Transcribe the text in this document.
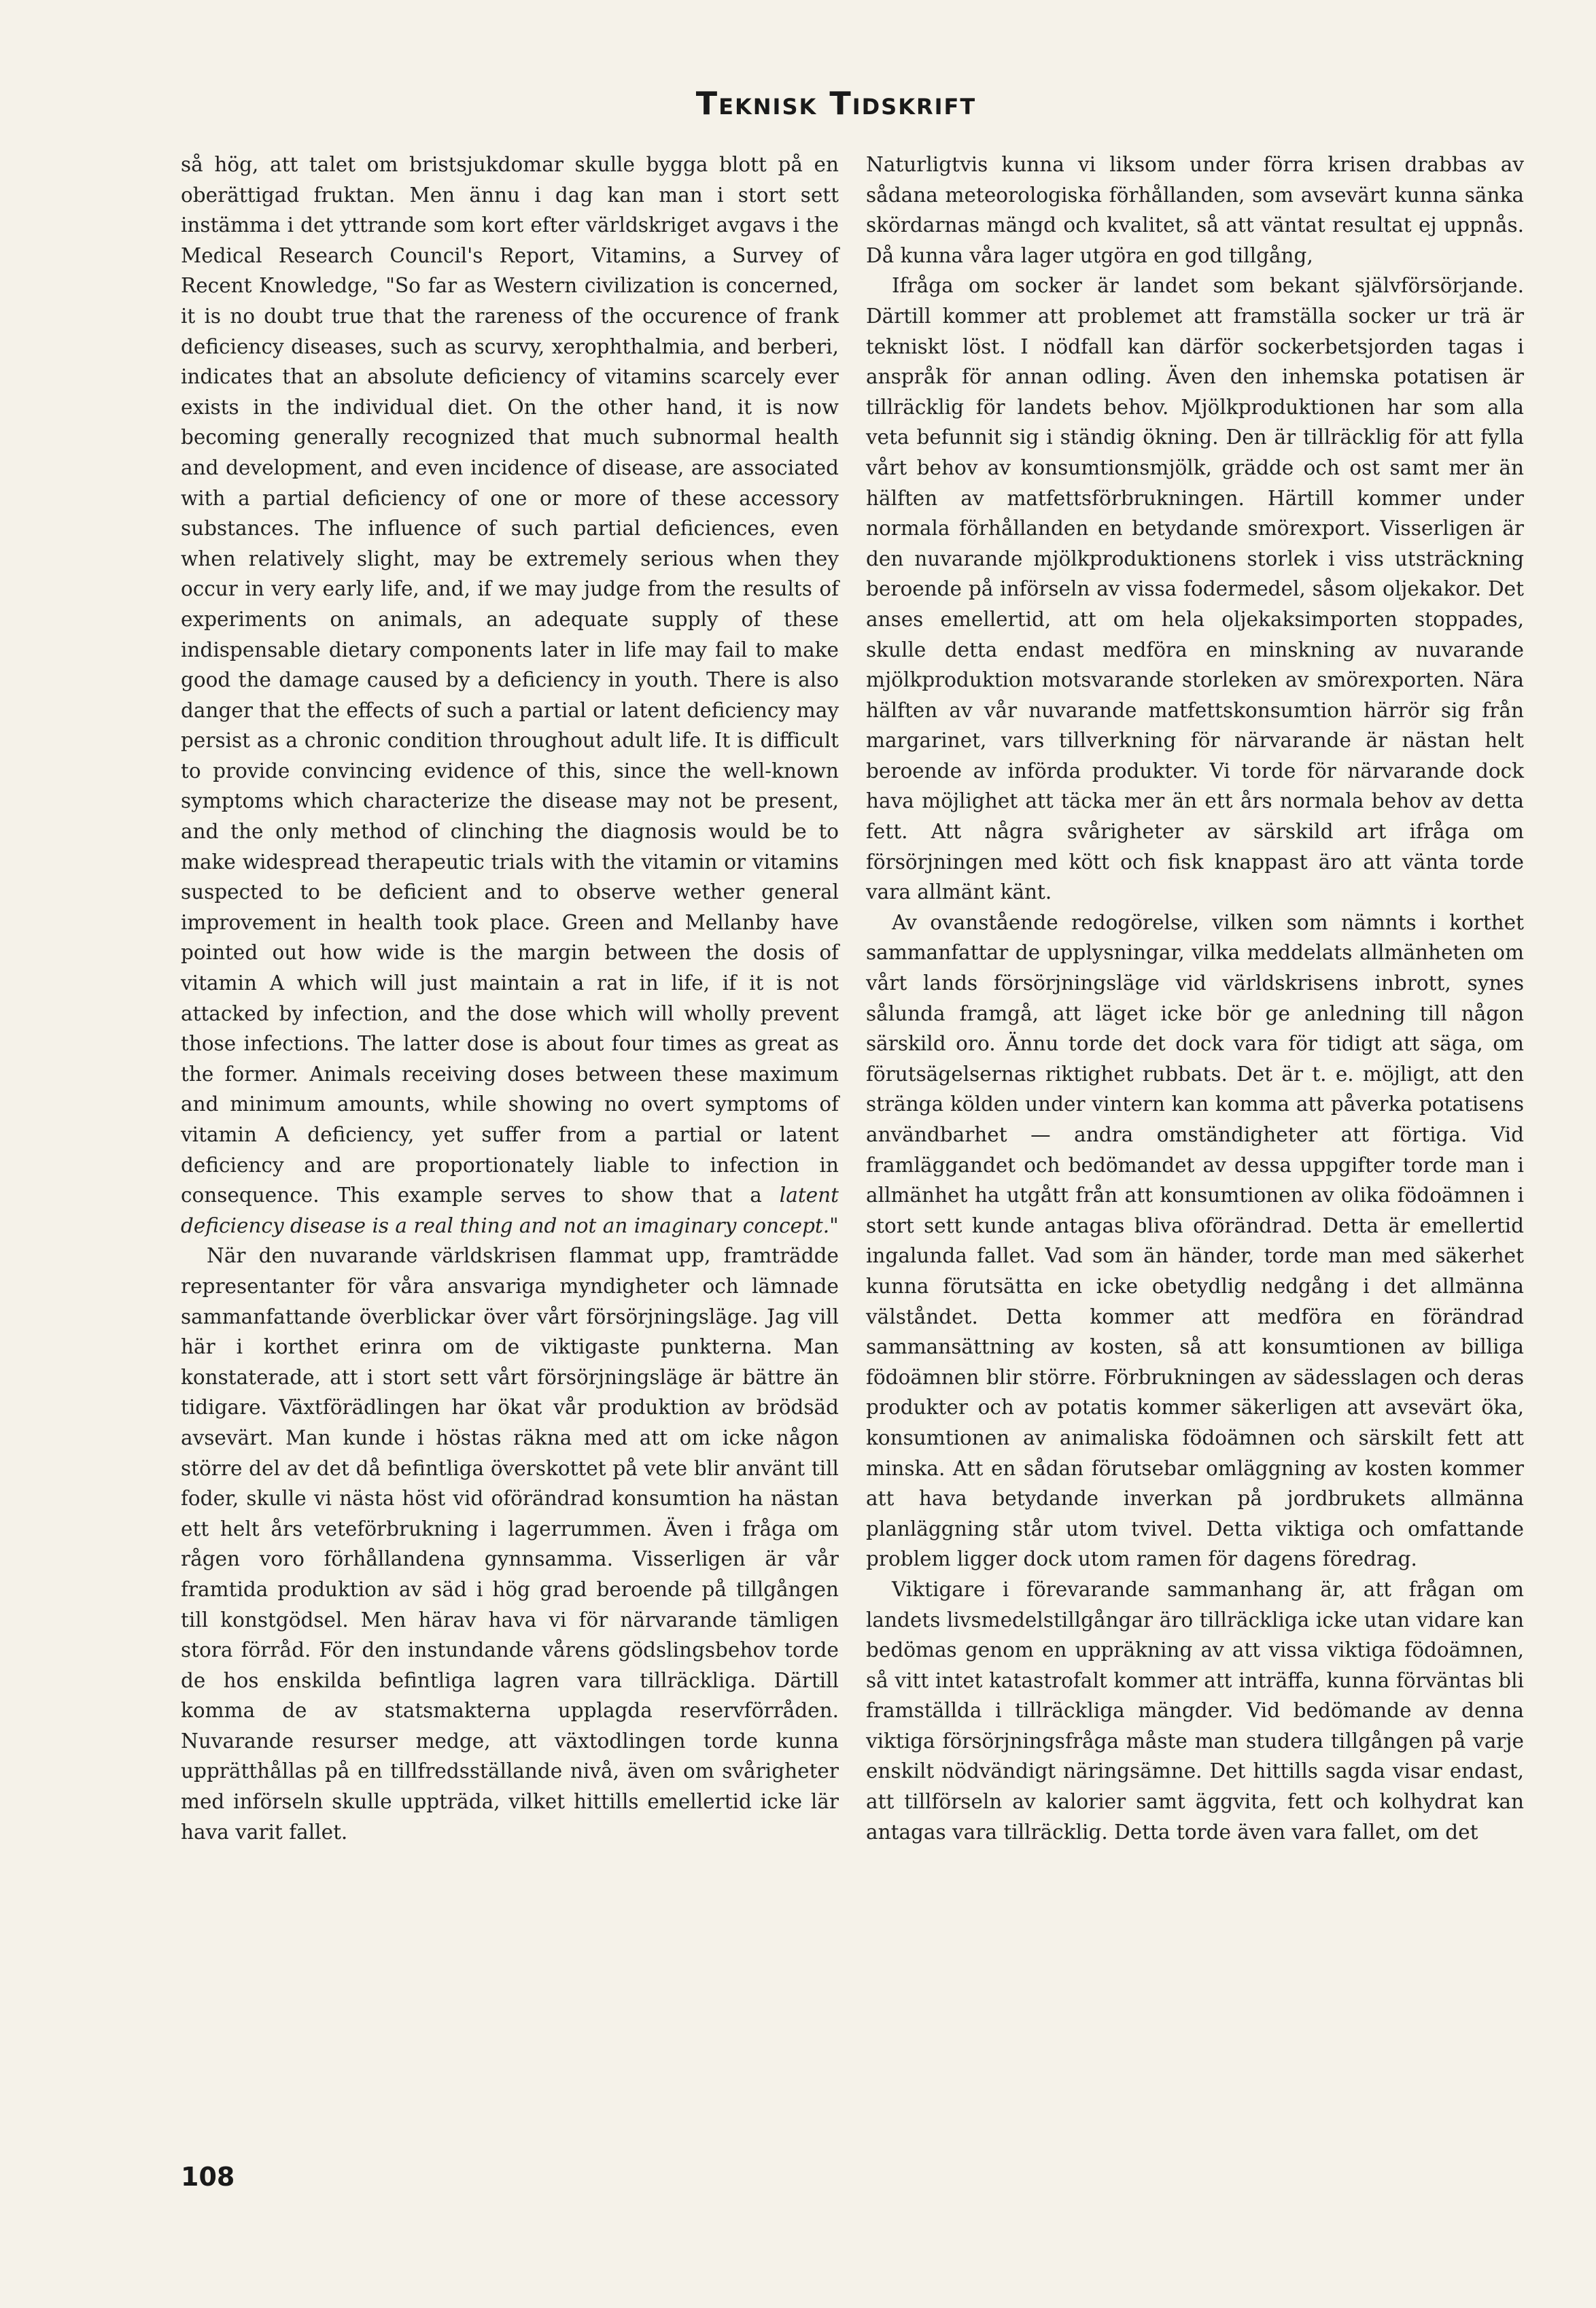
Teknisk Tidskrift

så hög, att talet om bristsjukdomar skulle bygga blott på en oberättigad fruktan. Men ännu i dag kan man i stort sett instämma i det yttrande som kort efter världskriget avgavs i the Medical Research Council's Report, Vitamins, a Survey of Recent Knowledge, "So far as Western civilization is concerned, it is no doubt true that the rareness of the occurence of frank deficiency diseases, such as scurvy, xerophthalmia, and berberi, indicates that an absolute deficiency of vitamins scarcely ever exists in the individual diet. On the other hand, it is now becoming generally recognized that much subnormal health and development, and even incidence of disease, are associated with a partial deficiency of one or more of these accessory substances. The influence of such partial deficiences, even when relatively slight, may be extremely serious when they occur in very early life, and, if we may judge from the results of experiments on animals, an adequate supply of these indispensable dietary components later in life may fail to make good the damage caused by a deficiency in youth. There is also danger that the effects of such a partial or latent deficiency may persist as a chronic condition throughout adult life. It is difficult to provide convincing evidence of this, since the well-known symptoms which characterize the disease may not be present, and the only method of clinching the diagnosis would be to make widespread therapeutic trials with the vitamin or vitamins suspected to be deficient and to observe wether general improvement in health took place. Green and Mellanby have pointed out how wide is the margin between the dosis of vitamin A which will just maintain a rat in life, if it is not attacked by infection, and the dose which will wholly prevent those infections. The latter dose is about four times as great as the former. Animals receiving doses between these maximum and minimum amounts, while showing no overt symptoms of vitamin A deficiency, yet suffer from a partial or latent deficiency and are proportionately liable to infection in consequence. This example serves to show that a latent deficiency disease is a real thing and not an imaginary concept."

När den nuvarande världskrisen flammat upp, framträdde representanter för våra ansvariga myndigheter och lämnade sammanfattande överblickar över vårt försörjningsläge. Jag vill här i korthet erinra om de viktigaste punkterna. Man konstaterade, att i stort sett vårt försörjningsläge är bättre än tidigare. Växtförädlingen har ökat vår produktion av brödsäd avsevärt. Man kunde i höstas räkna med att om icke någon större del av det då befintliga överskottet på vete blir använt till foder, skulle vi nästa höst vid oförändrad konsumtion ha nästan ett helt års veteförbrukning i lagerrummen. Även i fråga om rågen voro förhållandena gynnsamma. Visserligen är vår framtida produktion av säd i hög grad beroende på tillgången till konstgödsel. Men härav hava vi för närvarande tämligen stora förråd. För den instundande vårens gödslingsbehov torde de hos enskilda befintliga lagren vara tillräckliga. Därtill komma de av statsmakterna upplagda reservförråden. Nuvarande resurser medge, att växtodlingen torde kunna upprätthållas på en tillfredsställande nivå, även om svårigheter med införseln skulle uppträda, vilket hittills emellertid icke lär hava varit fallet.

Naturligtvis kunna vi liksom under förra krisen drabbas av sådana meteorologiska förhållanden, som avsevärt kunna sänka skördarnas mängd och kvalitet, så att väntat resultat ej uppnås. Då kunna våra lager utgöra en god tillgång,

Ifråga om socker är landet som bekant självförsörjande. Därtill kommer att problemet att framställa socker ur trä är tekniskt löst. I nödfall kan därför sockerbetsjorden tagas i anspråk för annan odling. Även den inhemska potatisen är tillräcklig för landets behov. Mjölkproduktionen har som alla veta befunnit sig i ständig ökning. Den är tillräcklig för att fylla vårt behov av konsumtionsmjölk, grädde och ost samt mer än hälften av matfettsförbrukningen. Härtill kommer under normala förhållanden en betydande smörexport. Visserligen är den nuvarande mjölkproduktionens storlek i viss utsträckning beroende på införseln av vissa fodermedel, såsom oljekakor. Det anses emellertid, att om hela oljekaksimporten stoppades, skulle detta endast medföra en minskning av nuvarande mjölkproduktion motsvarande storleken av smörexporten. Nära hälften av vår nuvarande matfettskonsumtion härrör sig från margarinet, vars tillverkning för närvarande är nästan helt beroende av införda produkter. Vi torde för närvarande dock hava möjlighet att täcka mer än ett års normala behov av detta fett. Att några svårigheter av särskild art ifråga om försörjningen med kött och fisk knappast äro att vänta torde vara allmänt känt.

Av ovanstående redogörelse, vilken som nämnts i korthet sammanfattar de upplysningar, vilka meddelats allmänheten om vårt lands försörjningsläge vid världskrisens inbrott, synes sålunda framgå, att läget icke bör ge anledning till någon särskild oro. Ännu torde det dock vara för tidigt att säga, om förutsägelsernas riktighet rubbats. Det är t. e. möjligt, att den stränga kölden under vintern kan komma att påverka potatisens användbarhet — andra omständigheter att förtiga. Vid framläggandet och bedömandet av dessa uppgifter torde man i allmänhet ha utgått från att konsumtionen av olika födoämnen i stort sett kunde antagas bliva oförändrad. Detta är emellertid ingalunda fallet. Vad som än händer, torde man med säkerhet kunna förutsätta en icke obetydlig nedgång i det allmänna välståndet. Detta kommer att medföra en förändrad sammansättning av kosten, så att konsumtionen av billiga födoämnen blir större. Förbrukningen av sädesslagen och deras produkter och av potatis kommer säkerligen att avsevärt öka, konsumtionen av animaliska födoämnen och särskilt fett att minska. Att en sådan förutsebar omläggning av kosten kommer att hava betydande inverkan på jordbrukets allmänna planläggning står utom tvivel. Detta viktiga och omfattande problem ligger dock utom ramen för dagens föredrag.

Viktigare i förevarande sammanhang är, att frågan om landets livsmedelstillgångar äro tillräckliga icke utan vidare kan bedömas genom en uppräkning av att vissa viktiga födoämnen, så vitt intet katastrofalt kommer att inträffa, kunna förväntas bli framställda i tillräckliga mängder. Vid bedömande av denna viktiga försörjningsfråga måste man studera tillgången på varje enskilt nödvändigt näringsämne. Det hittills sagda visar endast, att tillförseln av kalorier samt äggvita, fett och kolhydrat kan antagas vara tillräcklig. Detta torde även vara fallet, om det

108
